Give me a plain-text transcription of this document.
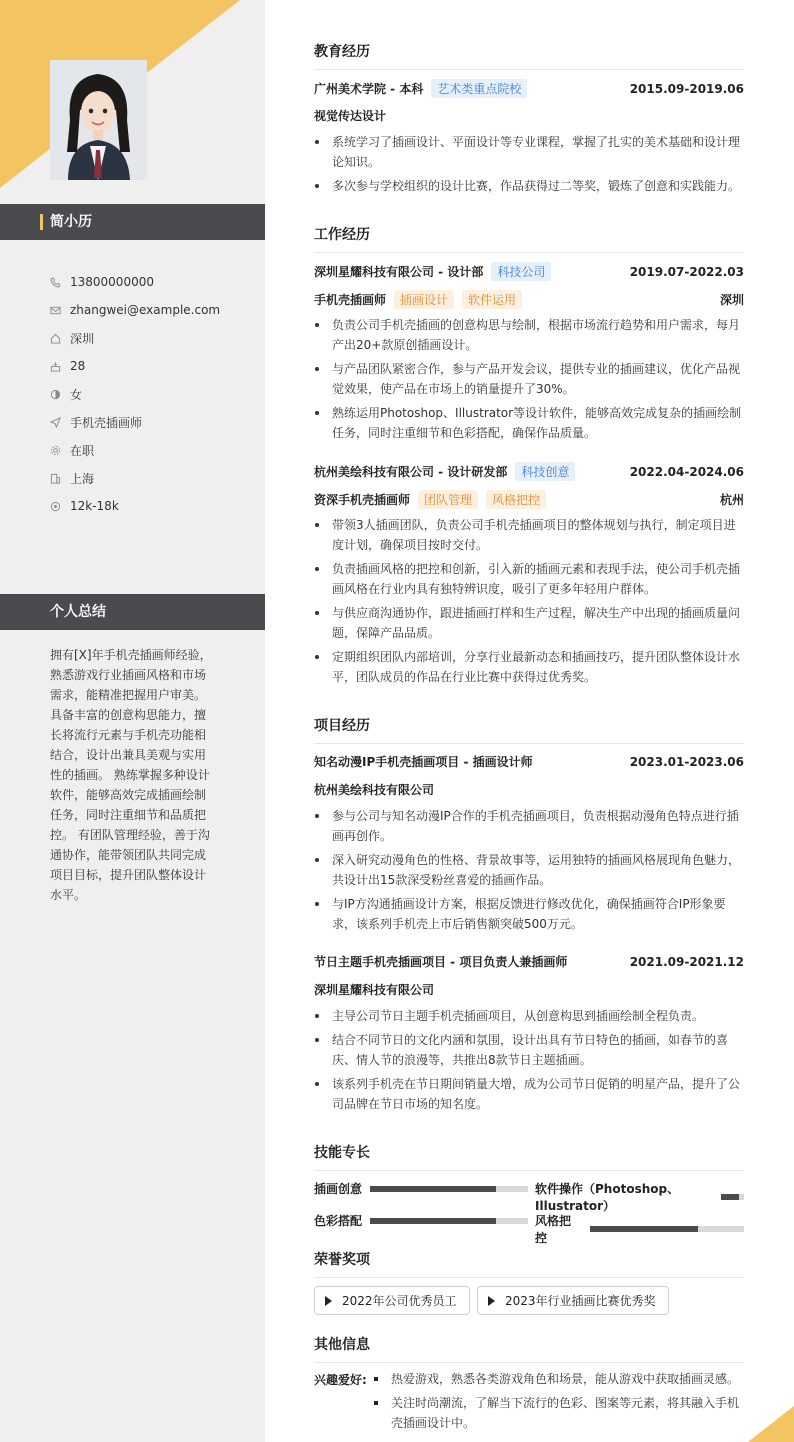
简小历
13800000000
zhangwei@example.com
深圳
28
女
手机壳插画师
在职
上海
12k-18k
个人总结

拥有[X]年手机壳插画师经验，熟悉游戏行业插画风格和市场需求，能精准把握用户审美。具备丰富的创意构思能力，擅长将流行元素与手机壳功能相结合，设计出兼具美观与实用性的插画。 熟练掌握多种设计软件，能够高效完成插画绘制任务，同时注重细节和品质把控。 有团队管理经验，善于沟通协作，能带领团队共同完成项目目标，提升团队整体设计水平。

教育经历
广州美术学院 - 本科	艺术类重点院校	2015.09-2019.06
视觉传达设计
系统学习了插画设计、平面设计等专业课程，掌握了扎实的美术基础和设计理论知识。
多次参与学校组织的设计比赛，作品获得过二等奖，锻炼了创意和实践能力。
工作经历
深圳星耀科技有限公司 - 设计部	科技公司	2019.07-2022.03
手机壳插画师	插画设计	软件运用	深圳
负责公司手机壳插画的创意构思与绘制，根据市场流行趋势和用户需求，每月产出20+款原创插画设计。
与产品团队紧密合作，参与产品开发会议，提供专业的插画建议，优化产品视觉效果，使产品在市场上的销量提升了30%。
熟练运用Photoshop、Illustrator等设计软件，能够高效完成复杂的插画绘制任务，同时注重细节和色彩搭配，确保作品质量。
杭州美绘科技有限公司 - 设计研发部	科技创意	2022.04-2024.06
资深手机壳插画师	团队管理	风格把控	杭州
带领3人插画团队，负责公司手机壳插画项目的整体规划与执行，制定项目进度计划，确保项目按时交付。
负责插画风格的把控和创新，引入新的插画元素和表现手法，使公司手机壳插画风格在行业内具有独特辨识度，吸引了更多年轻用户群体。
与供应商沟通协作，跟进插画打样和生产过程，解决生产中出现的插画质量问题，保障产品品质。
定期组织团队内部培训，分享行业最新动态和插画技巧，提升团队整体设计水平，团队成员的作品在行业比赛中获得过优秀奖。
项目经历
知名动漫IP手机壳插画项目 - 插画设计师	2023.01-2023.06
杭州美绘科技有限公司
参与公司与知名动漫IP合作的手机壳插画项目，负责根据动漫角色特点进行插画再创作。
深入研究动漫角色的性格、背景故事等，运用独特的插画风格展现角色魅力，共设计出15款深受粉丝喜爱的插画作品。
与IP方沟通插画设计方案，根据反馈进行修改优化，确保插画符合IP形象要求，该系列手机壳上市后销售额突破500万元。
节日主题手机壳插画项目 - 项目负责人兼插画师	2021.09-2021.12
深圳星耀科技有限公司
主导公司节日主题手机壳插画项目，从创意构思到插画绘制全程负责。
结合不同节日的文化内涵和氛围，设计出具有节日特色的插画，如春节的喜庆、情人节的浪漫等，共推出8款节日主题插画。
该系列手机壳在节日期间销量大增，成为公司节日促销的明星产品，提升了公司品牌在节日市场的知名度。
技能专长
插画创意	软件操作（Photoshop、Illustrator）
色彩搭配	风格把控
荣誉奖项
2022年公司优秀员工	2023年行业插画比赛优秀奖
其他信息
兴趣爱好:	热爱游戏，熟悉各类游戏角色和场景，能从游戏中获取插画灵感。
关注时尚潮流，了解当下流行的色彩、图案等元素，将其融入手机壳插画设计中。
